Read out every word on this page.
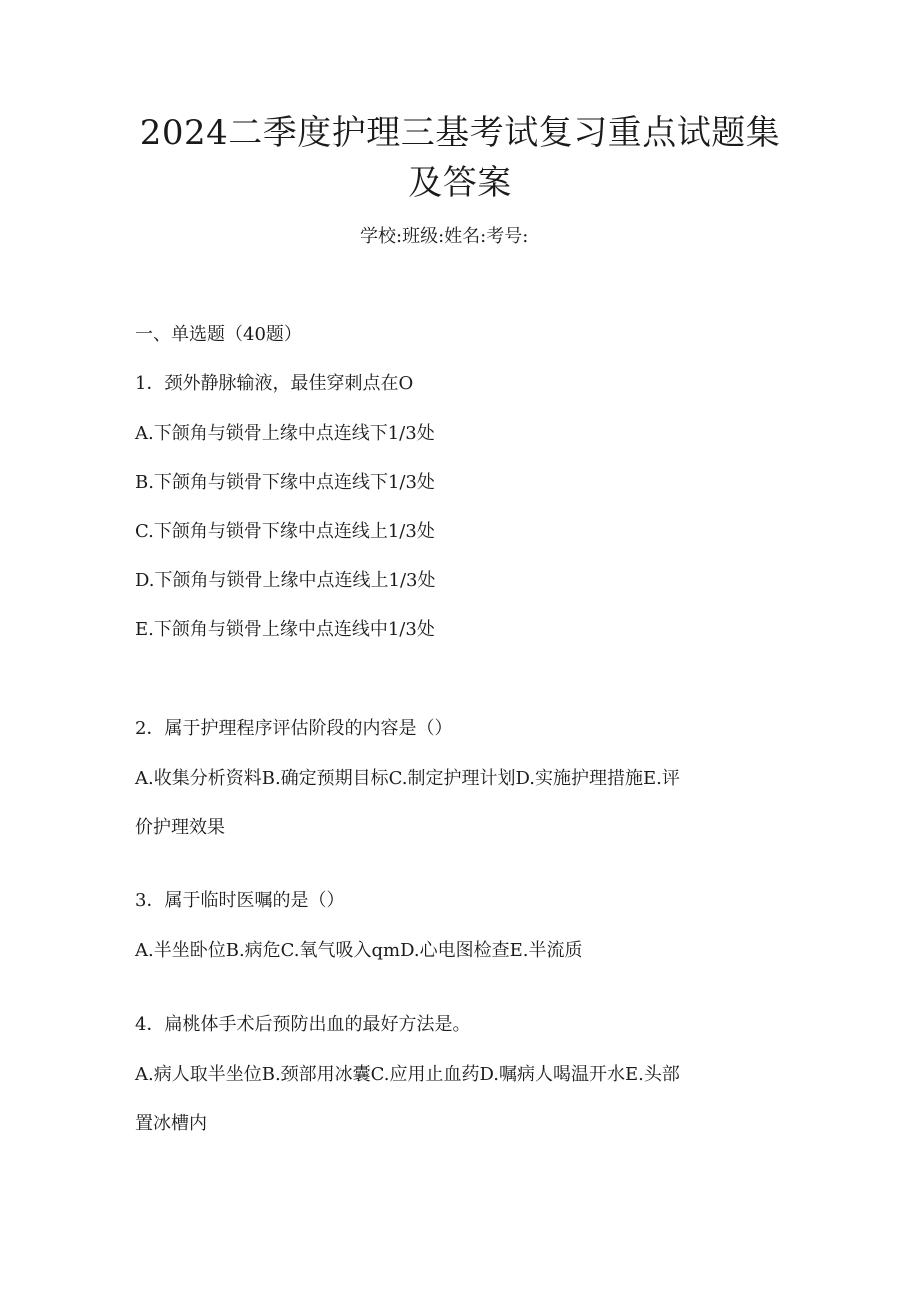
2024二季度护理三基考试复习重点试题集
及答案
学校:班级:姓名:考号:
一、单选题（40题）
1．颈外静脉输液，最佳穿刺点在O
A.下颌角与锁骨上缘中点连线下1/3处
B.下颌角与锁骨下缘中点连线下1/3处
C.下颌角与锁骨下缘中点连线上1/3处
D.下颌角与锁骨上缘中点连线上1/3处
E.下颌角与锁骨上缘中点连线中1/3处
2．属于护理程序评估阶段的内容是（）
A.收集分析资料B.确定预期目标C.制定护理计划D.实施护理措施E.评
价护理效果
3．属于临时医嘱的是（）
A.半坐卧位B.病危C.氧气吸入qmD.心电图检查E.半流质
4．扁桃体手术后预防出血的最好方法是。
A.病人取半坐位B.颈部用冰囊C.应用止血药D.嘱病人喝温开水E.头部
置冰槽内
